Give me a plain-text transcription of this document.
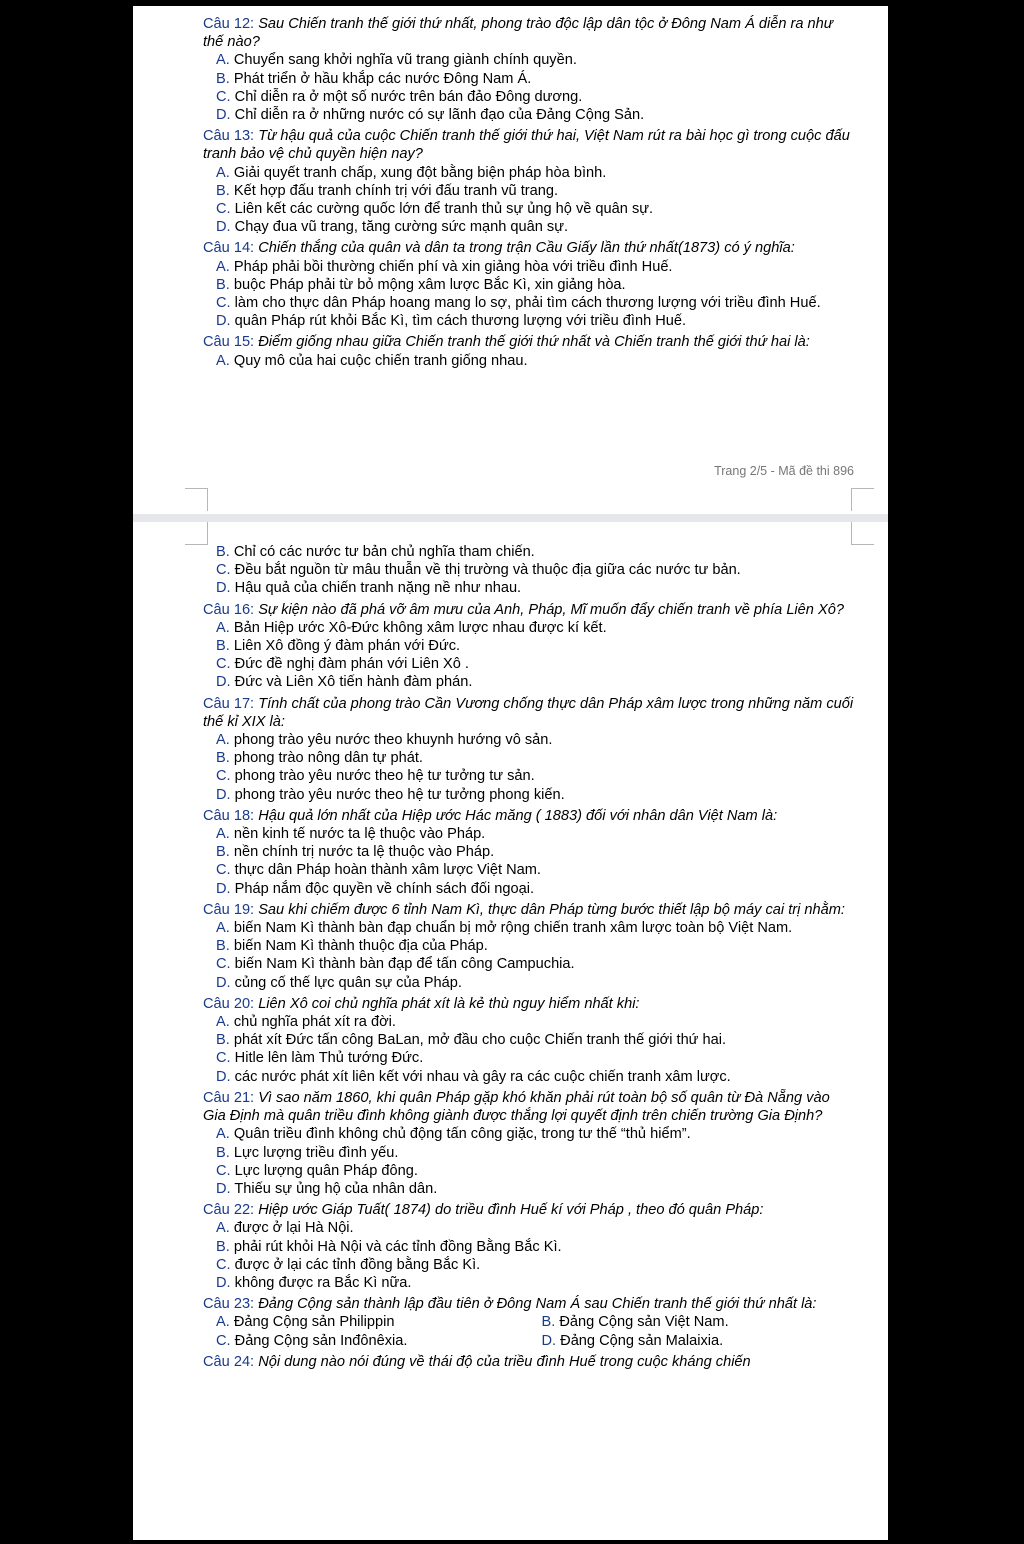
Câu 12: Sau Chiến tranh thế giới thứ nhất, phong trào độc lập dân tộc ở Đông Nam Á diễn ra như thế nào?
A. Chuyển sang khởi nghĩa vũ trang giành chính quyền.
B. Phát triển ở hầu khắp các nước Đông Nam Á.
C. Chỉ diễn ra ở một số nước trên bán đảo Đông dương.
D. Chỉ diễn ra ở những nước có sự lãnh đạo của Đảng Cộng Sản.
Câu 13: Từ hậu quả của cuộc Chiến tranh thế giới thứ hai, Việt Nam rút ra bài học gì trong cuộc đấu tranh bảo vệ chủ quyền hiện nay?
A. Giải quyết tranh chấp, xung đột bằng biện pháp hòa bình.
B. Kết hợp đấu tranh chính trị với đấu tranh vũ trang.
C. Liên kết các cường quốc lớn để tranh thủ sự ủng hộ về quân sự.
D. Chạy đua vũ trang, tăng cường sức mạnh quân sự.
Câu 14: Chiến thắng của quân và dân ta trong trận Cầu Giấy lần thứ nhất(1873) có ý nghĩa:
A. Pháp phải bồi thường chiến phí và xin giảng hòa với triều đình Huế.
B. buộc Pháp phải từ bỏ mộng xâm lược Bắc Kì, xin giảng hòa.
C. làm cho thực dân Pháp hoang mang lo sợ, phải tìm cách thương lượng với triều đình Huế.
D. quân Pháp rút khỏi Bắc Kì, tìm cách thương lượng với triều đình Huế.
Câu 15: Điểm giống nhau giữa Chiến tranh thế giới thứ nhất và Chiến tranh thế giới thứ hai là:
A. Quy mô của hai cuộc chiến tranh giống nhau.
Trang 2/5 - Mã đề thi 896
B. Chỉ có các nước tư bản chủ nghĩa tham chiến.
C. Đều bắt nguồn từ mâu thuẫn về thị trường và thuộc địa giữa các nước tư bản.
D. Hậu quả của chiến tranh nặng nề như nhau.
Câu 16: Sự kiện nào đã phá vỡ âm mưu của Anh, Pháp, Mĩ muốn đẩy chiến tranh về phía Liên Xô?
A. Bản Hiệp ước Xô-Đức không xâm lược nhau được kí kết.
B. Liên Xô đồng ý đàm phán với Đức.
C. Đức đề nghị đàm phán với Liên Xô .
D. Đức và Liên Xô tiến hành đàm phán.
Câu 17: Tính chất của phong trào Cần Vương chống thực dân Pháp xâm lược trong những năm cuối thế kỉ XIX là:
A. phong trào yêu nước theo khuynh hướng vô sản.
B. phong trào nông dân tự phát.
C. phong trào yêu nước theo hệ tư tưởng tư sản.
D. phong trào yêu nước theo hệ tư tưởng phong kiến.
Câu 18: Hậu quả lớn nhất của Hiệp ước Hác măng ( 1883) đối với nhân dân Việt Nam là:
A. nền kinh tế nước ta lệ thuộc vào Pháp.
B. nền chính trị nước ta lệ thuộc vào Pháp.
C. thực dân Pháp hoàn thành xâm lược Việt Nam.
D. Pháp nắm độc quyền về chính sách đối ngoại.
Câu 19: Sau khi chiếm được 6 tỉnh Nam Kì, thực dân Pháp từng bước thiết lập bộ máy cai trị nhằm:
A. biến Nam Kì thành bàn đạp chuẩn bị mở rộng chiến tranh xâm lược toàn bộ Việt Nam.
B. biến Nam Kì thành thuộc địa của Pháp.
C. biến Nam Kì thành bàn đạp để tấn công Campuchia.
D. củng cố thế lực quân sự của Pháp.
Câu 20: Liên Xô coi chủ nghĩa phát xít là kẻ thù nguy hiểm nhất khi:
A. chủ nghĩa phát xít ra đời.
B. phát xít Đức tấn công BaLan, mở đầu cho cuộc Chiến tranh thế giới thứ hai.
C. Hitle lên làm Thủ tướng Đức.
D. các nước phát xít liên kết với nhau và gây ra các cuộc chiến tranh xâm lược.
Câu 21: Vì sao năm 1860, khi quân Pháp gặp khó khăn phải rút toàn bộ số quân từ Đà Nẵng vào Gia Định mà quân triều đình không giành được thắng lợi quyết định trên chiến trường Gia Định?
A. Quân triều đình không chủ động tấn công giặc, trong tư thế “thủ hiểm”.
B. Lực lượng triều đình yếu.
C. Lực lượng quân Pháp đông.
D. Thiếu sự ủng hộ của nhân dân.
Câu 22: Hiệp ước Giáp Tuất( 1874) do triều đình Huế kí với Pháp , theo đó quân Pháp:
A. được ở lại Hà Nội.
B. phải rút khỏi Hà Nội và các tỉnh đồng Bằng Bắc Kì.
C. được ở lại các tỉnh đồng bằng Bắc Kì.
D. không được ra Bắc Kì nữa.
Câu 23: Đảng Cộng sản thành lập đầu tiên ở Đông Nam Á sau Chiến tranh thế giới thứ nhất là:
A. Đảng Cộng sản Philippin	B. Đảng Cộng sản Việt Nam.
C. Đảng Cộng sản Inđônêxia.	D. Đảng Cộng sản Malaixia.
Câu 24: Nội dung nào nói đúng về thái độ của triều đình Huế trong cuộc kháng chiến
